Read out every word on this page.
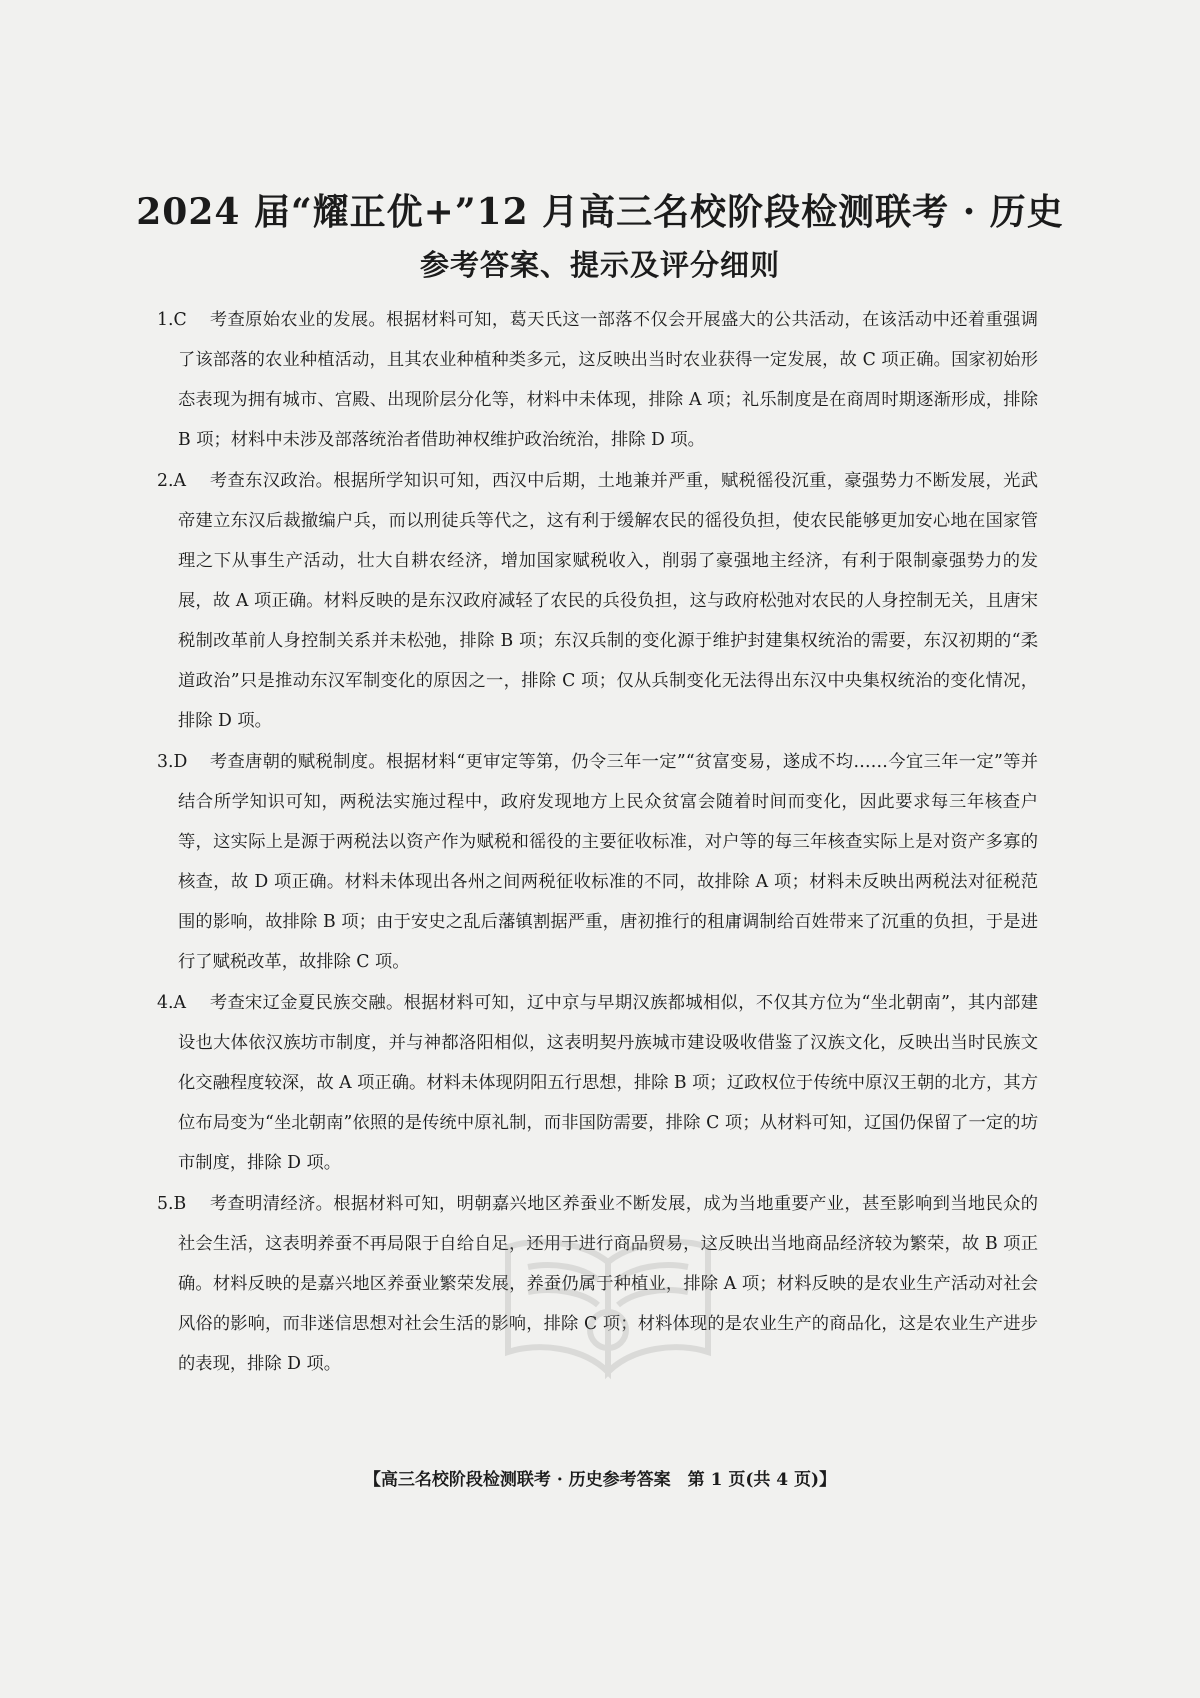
2024 届“耀正优+”12 月高三名校阶段检测联考 · 历史
参考答案、提示及评分细则

1.C 考查原始农业的发展。根据材料可知，葛天氏这一部落不仅会开展盛大的公共活动，在该活动中还着重强调了该部落的农业种植活动，且其农业种植种类多元，这反映出当时农业获得一定发展，故 C 项正确。国家初始形态表现为拥有城市、宫殿、出现阶层分化等，材料中未体现，排除 A 项；礼乐制度是在商周时期逐渐形成，排除 B 项；材料中未涉及部落统治者借助神权维护政治统治，排除 D 项。

2.A 考查东汉政治。根据所学知识可知，西汉中后期，土地兼并严重，赋税徭役沉重，豪强势力不断发展，光武帝建立东汉后裁撤编户兵，而以刑徒兵等代之，这有利于缓解农民的徭役负担，使农民能够更加安心地在国家管理之下从事生产活动，壮大自耕农经济，增加国家赋税收入，削弱了豪强地主经济，有利于限制豪强势力的发展，故 A 项正确。材料反映的是东汉政府减轻了农民的兵役负担，这与政府松弛对农民的人身控制无关，且唐宋税制改革前人身控制关系并未松弛，排除 B 项；东汉兵制的变化源于维护封建集权统治的需要，东汉初期的“柔道政治”只是推动东汉军制变化的原因之一，排除 C 项；仅从兵制变化无法得出东汉中央集权统治的变化情况，排除 D 项。

3.D 考查唐朝的赋税制度。根据材料“更审定等第，仍令三年一定”“贫富变易，遂成不均……今宜三年一定”等并结合所学知识可知，两税法实施过程中，政府发现地方上民众贫富会随着时间而变化，因此要求每三年核查户等，这实际上是源于两税法以资产作为赋税和徭役的主要征收标准，对户等的每三年核查实际上是对资产多寡的核查，故 D 项正确。材料未体现出各州之间两税征收标准的不同，故排除 A 项；材料未反映出两税法对征税范围的影响，故排除 B 项；由于安史之乱后藩镇割据严重，唐初推行的租庸调制给百姓带来了沉重的负担，于是进行了赋税改革，故排除 C 项。

4.A 考查宋辽金夏民族交融。根据材料可知，辽中京与早期汉族都城相似，不仅其方位为“坐北朝南”，其内部建设也大体依汉族坊市制度，并与神都洛阳相似，这表明契丹族城市建设吸收借鉴了汉族文化，反映出当时民族文化交融程度较深，故 A 项正确。材料未体现阴阳五行思想，排除 B 项；辽政权位于传统中原汉王朝的北方，其方位布局变为“坐北朝南”依照的是传统中原礼制，而非国防需要，排除 C 项；从材料可知，辽国仍保留了一定的坊市制度，排除 D 项。

5.B 考查明清经济。根据材料可知，明朝嘉兴地区养蚕业不断发展，成为当地重要产业，甚至影响到当地民众的社会生活，这表明养蚕不再局限于自给自足，还用于进行商品贸易，这反映出当地商品经济较为繁荣，故 B 项正确。材料反映的是嘉兴地区养蚕业繁荣发展，养蚕仍属于种植业，排除 A 项；材料反映的是农业生产活动对社会风俗的影响，而非迷信思想对社会生活的影响，排除 C 项；材料体现的是农业生产的商品化，这是农业生产进步的表现，排除 D 项。

【高三名校阶段检测联考 · 历史参考答案　第 1 页(共 4 页)】
